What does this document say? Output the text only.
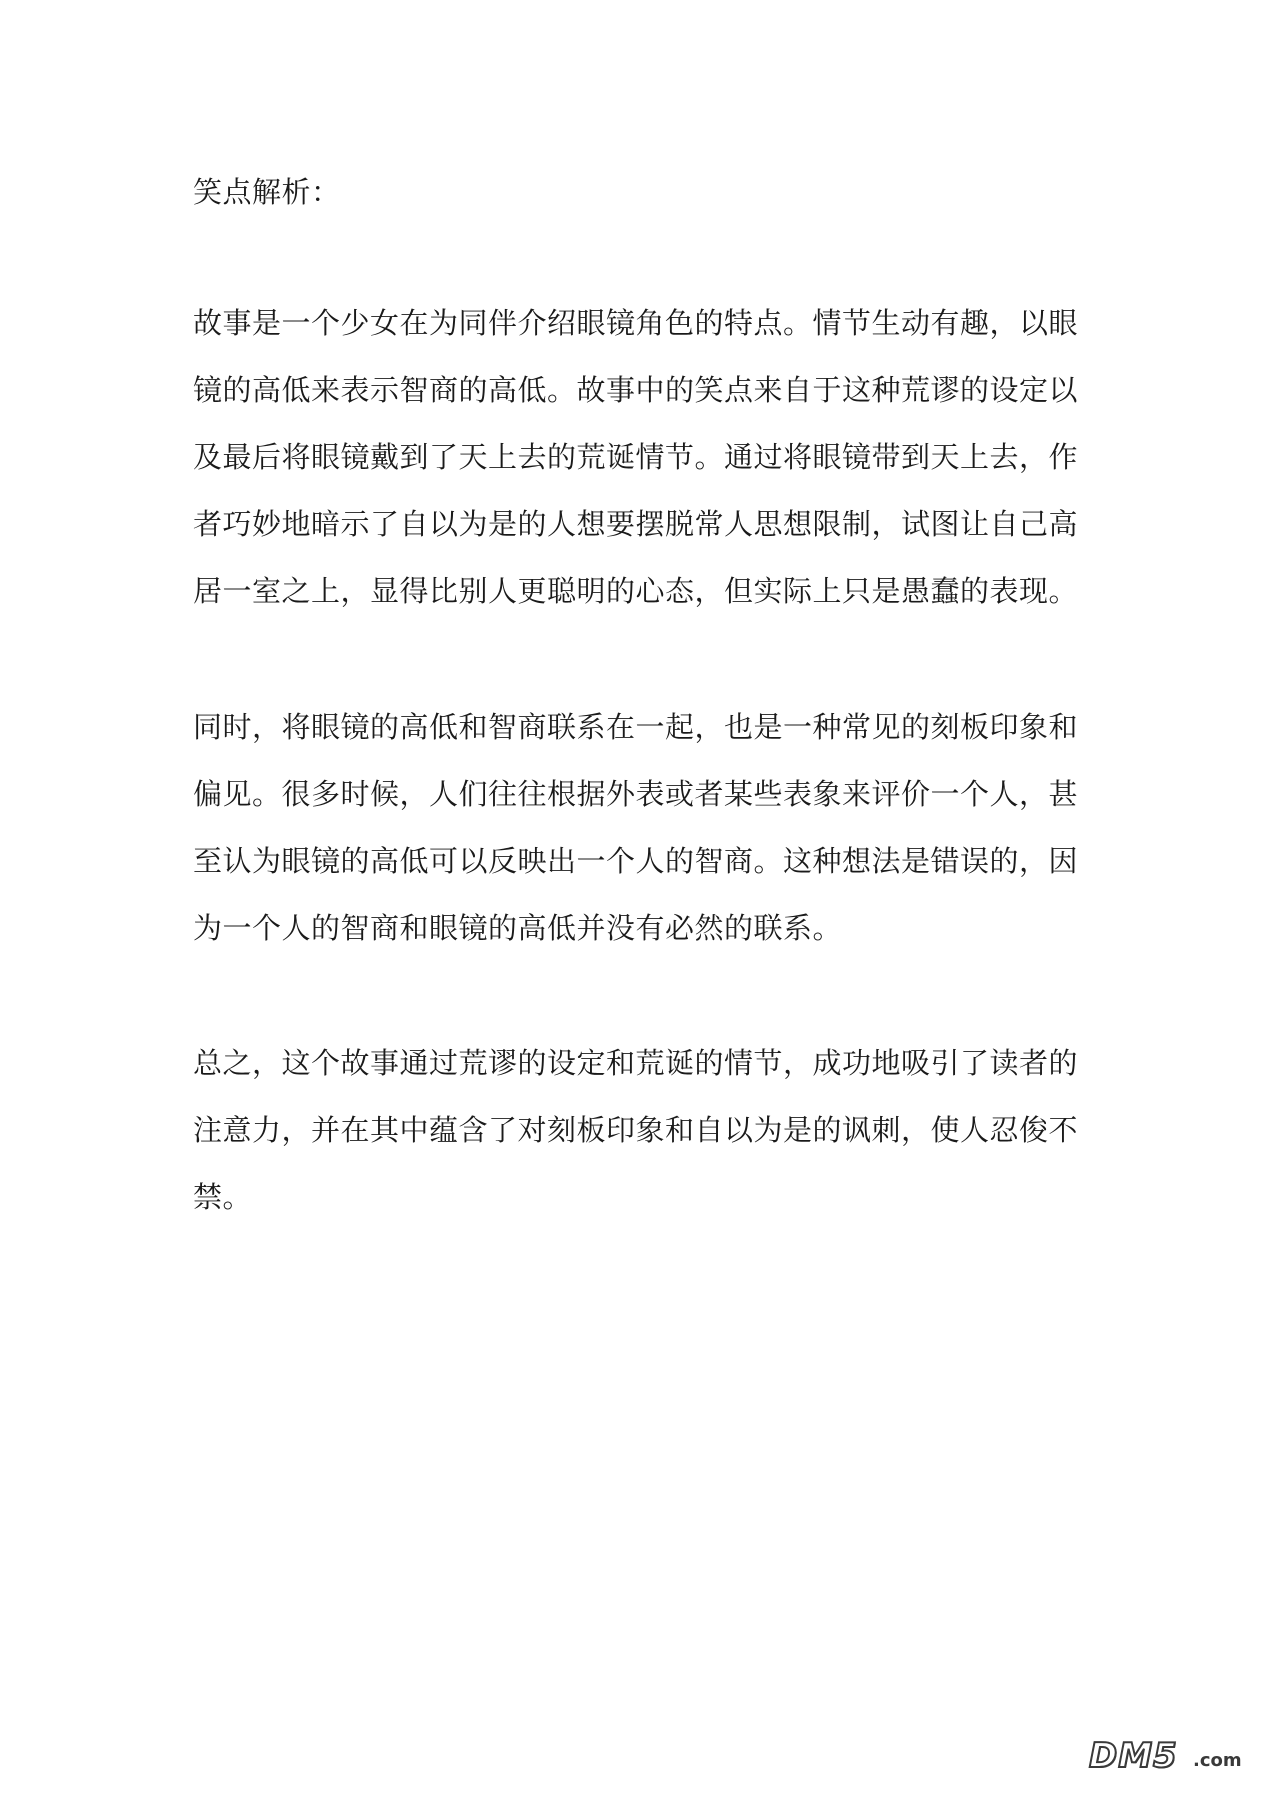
笑点解析：

故事是一个少女在为同伴介绍眼镜角色的特点。情节生动有趣，以眼
镜的高低来表示智商的高低。故事中的笑点来自于这种荒谬的设定以
及最后将眼镜戴到了天上去的荒诞情节。通过将眼镜带到天上去，作
者巧妙地暗示了自以为是的人想要摆脱常人思想限制，试图让自己高
居一室之上，显得比别人更聪明的心态，但实际上只是愚蠢的表现。

同时，将眼镜的高低和智商联系在一起，也是一种常见的刻板印象和
偏见。很多时候，人们往往根据外表或者某些表象来评价一个人，甚
至认为眼镜的高低可以反映出一个人的智商。这种想法是错误的，因
为一个人的智商和眼镜的高低并没有必然的联系。

总之，这个故事通过荒谬的设定和荒诞的情节，成功地吸引了读者的
注意力，并在其中蕴含了对刻板印象和自以为是的讽刺，使人忍俊不
禁。

DM5 .com
